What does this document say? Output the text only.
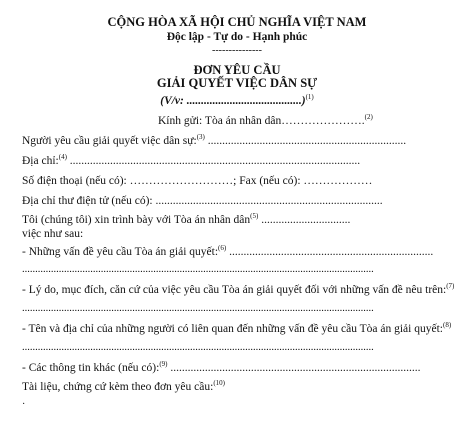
CỘNG HÒA XÃ HỘI CHỦ NGHĨA VIỆT NAM
Độc lập - Tự do - Hạnh phúc
---------------
ĐƠN YÊU CẦU
GIẢI QUYẾT VIỆC DÂN SỰ
(V/v: ........................................)$^{(1)}$
Kính gửi: Tòa án nhân dân………………….$^{(2)}$
Người yêu cầu giải quyết việc dân sự:$^{(3)}$ .....................................................................
Địa chỉ:$^{(4)}$ .....................................................................................................
Số điện thoại (nếu có): ………………………; Fax (nếu có): ………………
Địa chỉ thư điện tử (nếu có): ...............................................................................
Tôi (chúng tôi) xin trình bày với Tòa án nhân dân$^{(5)}$ ...............................
việc như sau:
- Những vấn đề yêu cầu Tòa án giải quyết:$^{(6)}$ .......................................................................
......................................................................................................................................
- Lý do, mục đích, căn cứ của việc yêu cầu Tòa án giải quyết đối với những vấn đề nêu trên:$^{(7)}$
......................................................................................................................................
- Tên và địa chỉ của những người có liên quan đến những vấn đề yêu cầu Tòa án giải quyết:$^{(8)}$
......................................................................................................................................
- Các thông tin khác (nếu có):$^{(9)}$ .......................................................................................
Tài liệu, chứng cứ kèm theo đơn yêu cầu:$^{(10)}$
·
